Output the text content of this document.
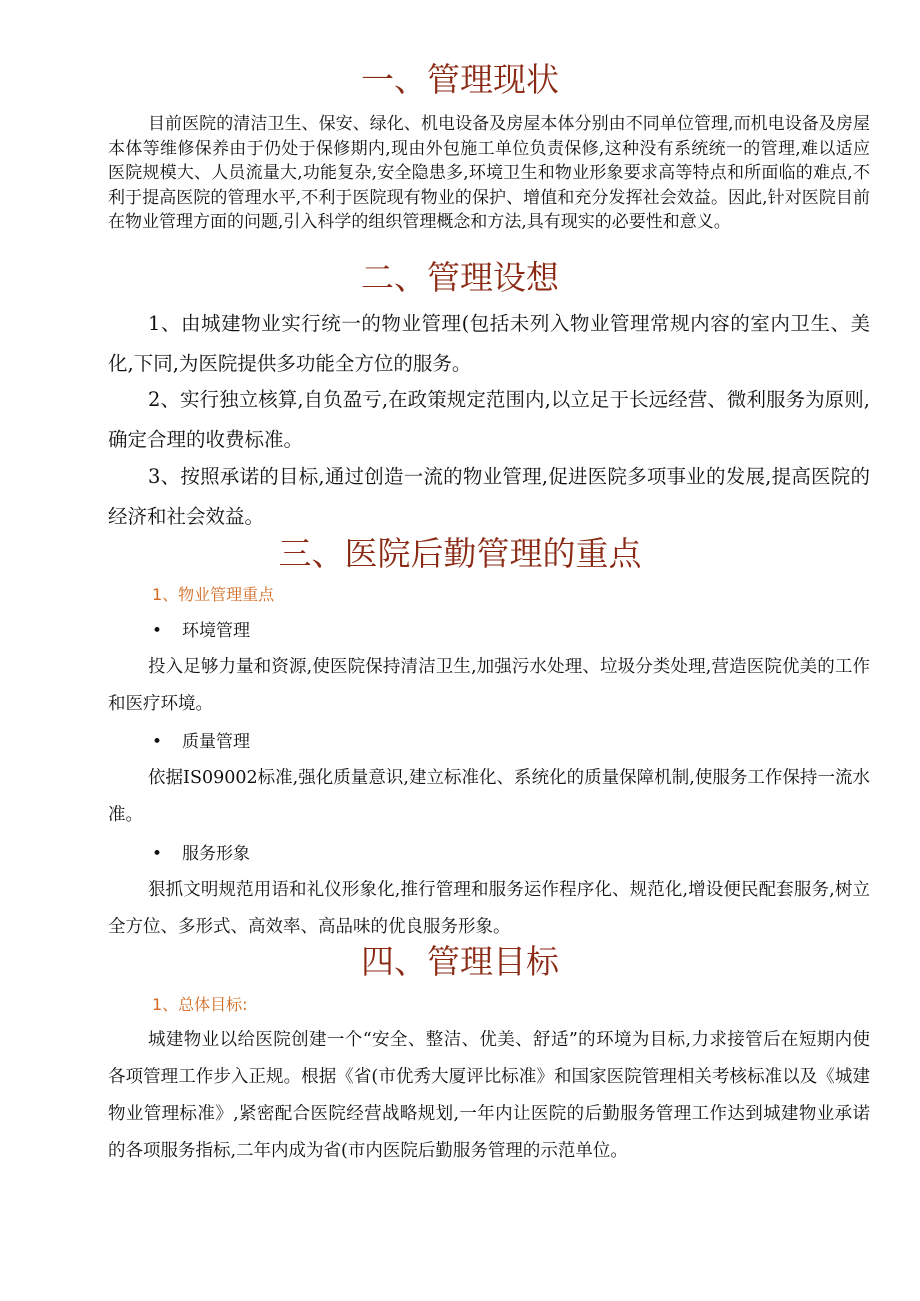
一、管理现状

目前医院的清洁卫生、保安、绿化、机电设备及房屋本体分别由不同单位管理,而机电设备及房屋本体等维修保养由于仍处于保修期内,现由外包施工单位负责保修,这种没有系统统一的管理,难以适应医院规模大、人员流量大,功能复杂,安全隐患多,环境卫生和物业形象要求高等特点和所面临的难点,不利于提高医院的管理水平,不利于医院现有物业的保护、增值和充分发挥社会效益。因此,针对医院目前在物业管理方面的问题,引入科学的组织管理概念和方法,具有现实的必要性和意义。

二、管理设想

1、由城建物业实行统一的物业管理(包括未列入物业管理常规内容的室内卫生、美化,下同,为医院提供多功能全方位的服务。

2、实行独立核算,自负盈亏,在政策规定范围内,以立足于长远经营、微利服务为原则,确定合理的收费标准。

3、按照承诺的目标,通过创造一流的物业管理,促进医院多项事业的发展,提高医院的经济和社会效益。

三、医院后勤管理的重点

1、物业管理重点

• 环境管理

投入足够力量和资源,使医院保持清洁卫生,加强污水处理、垃圾分类处理,营造医院优美的工作和医疗环境。

• 质量管理

依据IS09002标准,强化质量意识,建立标准化、系统化的质量保障机制,使服务工作保持一流水准。

• 服务形象

狠抓文明规范用语和礼仪形象化,推行管理和服务运作程序化、规范化,增设便民配套服务,树立全方位、多形式、高效率、高品味的优良服务形象。

四、管理目标

1、总体目标:

城建物业以给医院创建一个“安全、整洁、优美、舒适”的环境为目标,力求接管后在短期内使各项管理工作步入正规。根据《省(市优秀大厦评比标准》和国家医院管理相关考核标准以及《城建物业管理标准》,紧密配合医院经营战略规划,一年内让医院的后勤服务管理工作达到城建物业承诺的各项服务指标,二年内成为省(市内医院后勤服务管理的示范单位。
